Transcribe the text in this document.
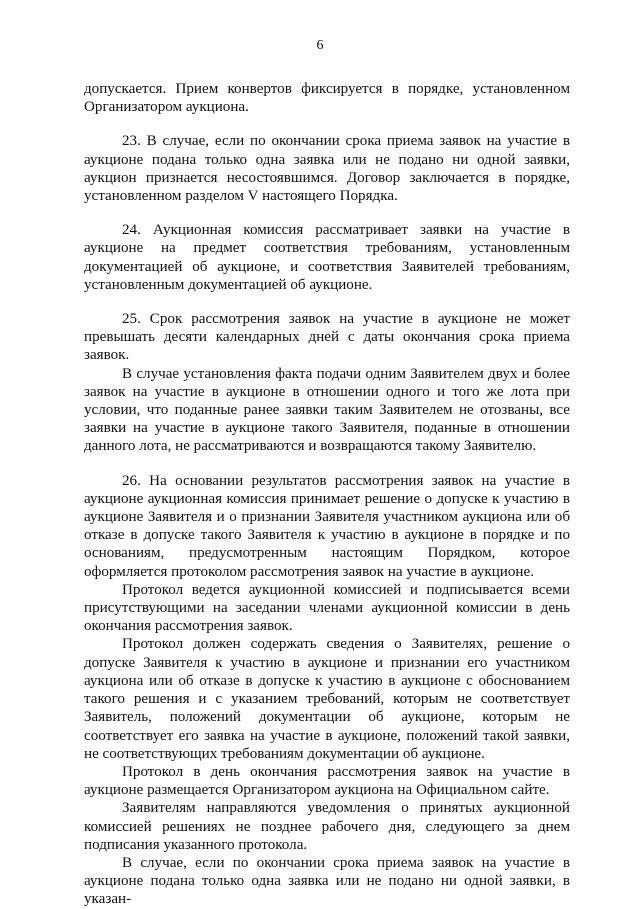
6

допускается. Прием конвертов фиксируется в порядке, установленном Организатором аукциона.

23. В случае, если по окончании срока приема заявок на участие в аукционе подана только одна заявка или не подано ни одной заявки, аукцион признается несостоявшимся. Договор заключается в порядке, установленном разделом V настоящего Порядка.

24. Аукционная комиссия рассматривает заявки на участие в аукционе на предмет соответствия требованиям, установленным документацией об аукционе, и соответствия Заявителей требованиям, установленным документацией об аукционе.

25. Срок рассмотрения заявок на участие в аукционе не может превышать десяти календарных дней с даты окончания срока приема заявок.

В случае установления факта подачи одним Заявителем двух и более заявок на участие в аукционе в отношении одного и того же лота при условии, что поданные ранее заявки таким Заявителем не отозваны, все заявки на участие в аукционе такого Заявителя, поданные в отношении данного лота, не рассматриваются и возвращаются такому Заявителю.

26. На основании результатов рассмотрения заявок на участие в аукционе аукционная комиссия принимает решение о допуске к участию в аукционе Заявителя и о признании Заявителя участником аукциона или об отказе в допуске такого Заявителя к участию в аукционе в порядке и по основаниям, предусмотренным настоящим Порядком, которое оформляется протоколом рассмотрения заявок на участие в аукционе.

Протокол ведется аукционной комиссией и подписывается всеми присутствующими на заседании членами аукционной комиссии в день окончания рассмотрения заявок.

Протокол должен содержать сведения о Заявителях, решение о допуске Заявителя к участию в аукционе и признании его участником аукциона или об отказе в допуске к участию в аукционе с обоснованием такого решения и с указанием требований, которым не соответствует Заявитель, положений документации об аукционе, которым не соответствует его заявка на участие в аукционе, положений такой заявки, не соответствующих требованиям документации об аукционе.

Протокол в день окончания рассмотрения заявок на участие в аукционе размещается Организатором аукциона на Официальном сайте.

Заявителям направляются уведомления о принятых аукционной комиссией решениях не позднее рабочего дня, следующего за днем подписания указанного протокола.

В случае, если по окончании срока приема заявок на участие в аукционе подана только одна заявка или не подано ни одной заявки, в указан-
